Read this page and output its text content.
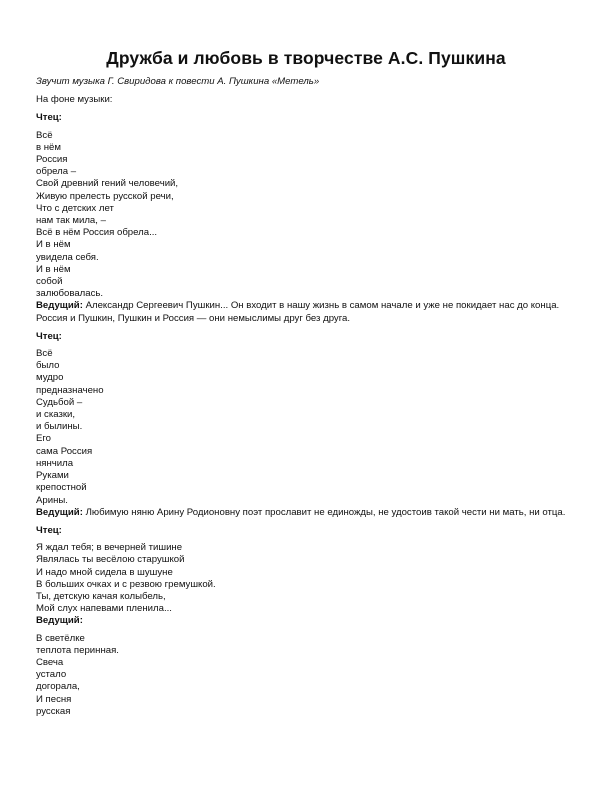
Дружба и любовь в творчестве А.С. Пушкина

Звучит музыка Г. Свиридова к повести А. Пушкина «Метель»

На фоне музыки:

Чтец:

Всё
в нём
Россия
обрела –
Свой древний гений человечий,
Живую прелесть русской речи,
Что с детских лет
нам так мила, –
Всё в нём Россия обрела...
И в нём
увидела себя.
И в нём
собой
залюбовалась.

Ведущий: Александр Сергеевич Пушкин... Он входит в нашу жизнь в самом начале и уже не покидает нас до конца. Россия и Пушкин, Пушкин и Россия — они немыслимы друг без друга.

Чтец:

Всё
было
мудро
предназначено
Судьбой –
и сказки,
и былины.
Его
сама Россия
нянчила
Руками
крепостной
Арины.

Ведущий: Любимую няню Арину Родионовну поэт прославит не единожды, не удостоив такой чести ни мать, ни отца.

Чтец:

Я ждал тебя; в вечерней тишине
Являлась ты весёлою старушкой
И надо мной сидела в шушуне
В больших очках и с резвою гремушкой.
Ты, детскую качая колыбель,
Мой слух напевами пленила...

Ведущий:

В светёлке
теплота перинная.
Свеча
устало
догорала,
И песня
русская
